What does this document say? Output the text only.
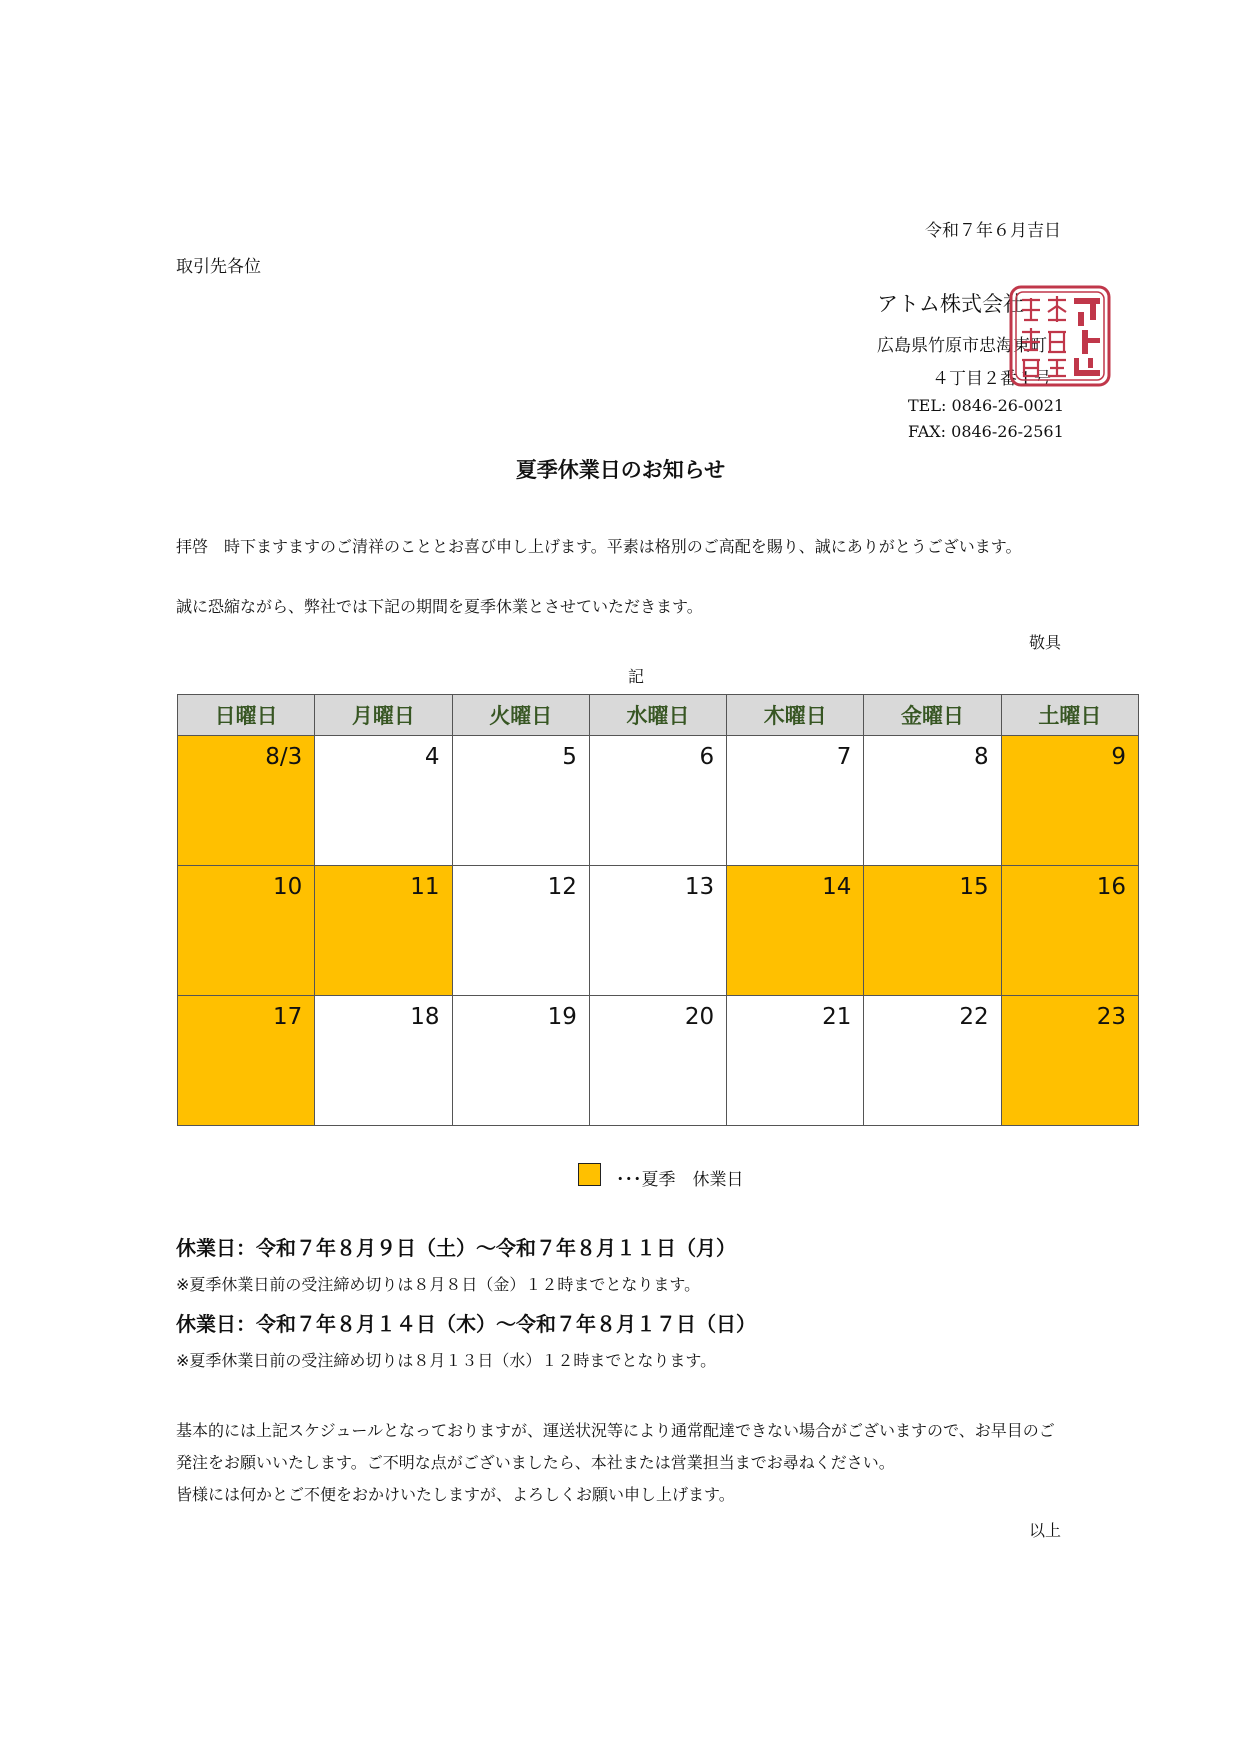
令和７年６月吉日
取引先各位
アトム株式会社
広島県竹原市忠海東町
４丁目２番１号
TEL: 0846-26-0021
FAX: 0846-26-2561
夏季休業日のお知らせ
拝啓　時下ますますのご清祥のこととお喜び申し上げます。平素は格別のご高配を賜り、誠にありがとうございます。
誠に恐縮ながら、弊社では下記の期間を夏季休業とさせていただきます。
敬具
記
日曜日	月曜日	火曜日	水曜日	木曜日	金曜日	土曜日
8/3	4	5	6	7	8	9
10	11	12	13	14	15	16
17	18	19	20	21	22	23
･･･夏季　休業日
休業日：令和７年８月９日（土）～令和７年８月１１日（月）
※夏季休業日前の受注締め切りは８月８日（金）１２時までとなります。
休業日：令和７年８月１４日（木）～令和７年８月１７日（日）
※夏季休業日前の受注締め切りは８月１３日（水）１２時までとなります。
基本的には上記スケジュールとなっておりますが、運送状況等により通常配達できない場合がございますので、お早目のご
発注をお願いいたします。ご不明な点がございましたら、本社または営業担当までお尋ねください。
皆様には何かとご不便をおかけいたしますが、よろしくお願い申し上げます。
以上
